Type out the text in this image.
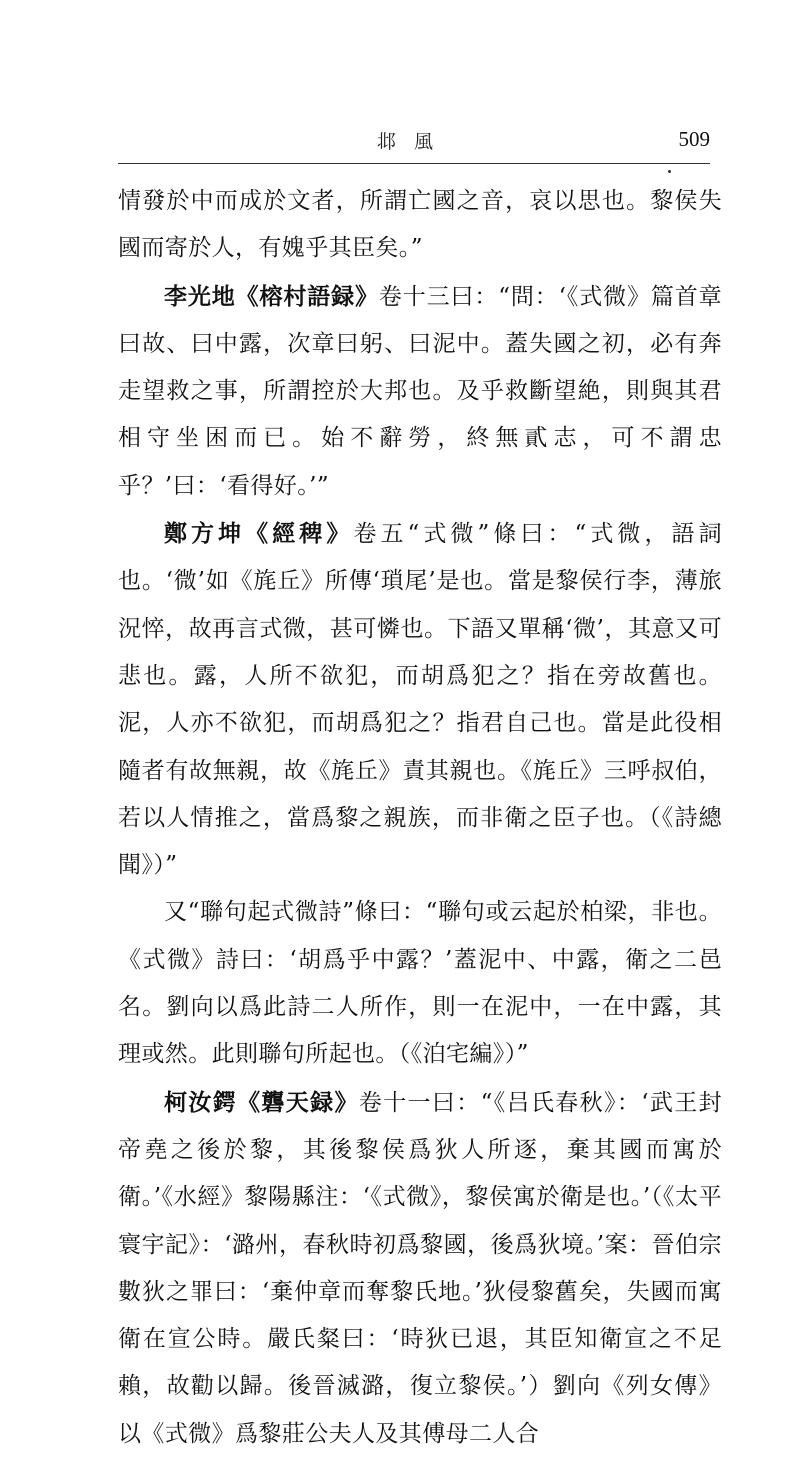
邶風	509

情發於中而成於文者，所謂亡國之音，哀以思也。黎侯失國而寄於人，有媿乎其臣矣。”

李光地《榕村語録》卷十三曰：“問：‘《式微》篇首章曰故、曰中露，次章曰躬、曰泥中。蓋失國之初，必有奔走望救之事，所謂控於大邦也。及乎救斷望絶，則與其君相守坐困而已。始不辭勞，終無貳志，可不謂忠乎？’曰：‘看得好。’”

鄭方坤《經稗》卷五“式微”條曰：“式微，語詞也。‘微’如《旄丘》所傳‘瑣尾’是也。當是黎侯行李，薄旅況悴，故再言式微，甚可憐也。下語又單稱‘微’，其意又可悲也。露，人所不欲犯，而胡爲犯之？指在旁故舊也。泥，人亦不欲犯，而胡爲犯之？指君自己也。當是此役相隨者有故無親，故《旄丘》責其親也。《旄丘》三呼叔伯，若以人情推之，當爲黎之親族，而非衛之臣子也。（《詩總聞》）”

又“聯句起式微詩”條曰：“聯句或云起於柏梁，非也。《式微》詩曰：‘胡爲乎中露？’蓋泥中、中露，衛之二邑名。劉向以爲此詩二人所作，則一在泥中，一在中露，其理或然。此則聯句所起也。（《泊宅編》）”

柯汝鍔《礱天録》卷十一曰：“《吕氏春秋》：‘武王封帝堯之後於黎，其後黎侯爲狄人所逐，棄其國而寓於衛。’《水經》黎陽縣注：‘《式微》，黎侯寓於衛是也。’（《太平寰宇記》：‘潞州，春秋時初爲黎國，後爲狄境。’案：晉伯宗數狄之罪曰：‘棄仲章而奪黎氏地。’狄侵黎舊矣，失國而寓衛在宣公時。嚴氏粲曰：‘時狄已退，其臣知衛宣之不足賴，故勸以歸。後晉滅潞，復立黎侯。’）劉向《列女傳》以《式微》爲黎莊公夫人及其傅母二人合
